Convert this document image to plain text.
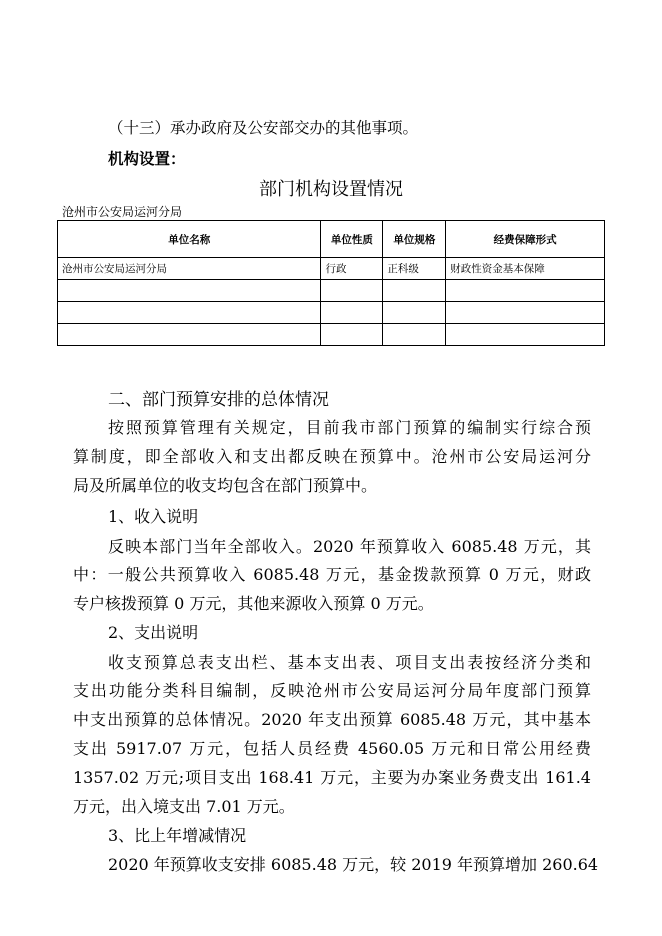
（十三）承办政府及公安部交办的其他事项。
机构设置：
部门机构设置情况
沧州市公安局运河分局
单位名称	单位性质	单位规格	经费保障形式
沧州市公安局运河分局	行政	正科级	财政性资金基本保障

二、部门预算安排的总体情况
按照预算管理有关规定，目前我市部门预算的编制实行综合预
算制度，即全部收入和支出都反映在预算中。沧州市公安局运河分
局及所属单位的收支均包含在部门预算中。
1、收入说明
反映本部门当年全部收入。2020 年预算收入 6085.48 万元，其
中：一般公共预算收入 6085.48 万元，基金拨款预算 0 万元，财政
专户核拨预算 0 万元，其他来源收入预算 0 万元。
2、支出说明
收支预算总表支出栏、基本支出表、项目支出表按经济分类和
支出功能分类科目编制，反映沧州市公安局运河分局年度部门预算
中支出预算的总体情况。2020 年支出预算 6085.48 万元，其中基本
支出 5917.07 万元，包括人员经费 4560.05 万元和日常公用经费
1357.02 万元;项目支出 168.41 万元，主要为办案业务费支出 161.4
万元，出入境支出 7.01 万元。
3、比上年增减情况
2020 年预算收支安排 6085.48 万元，较 2019 年预算增加 260.64
